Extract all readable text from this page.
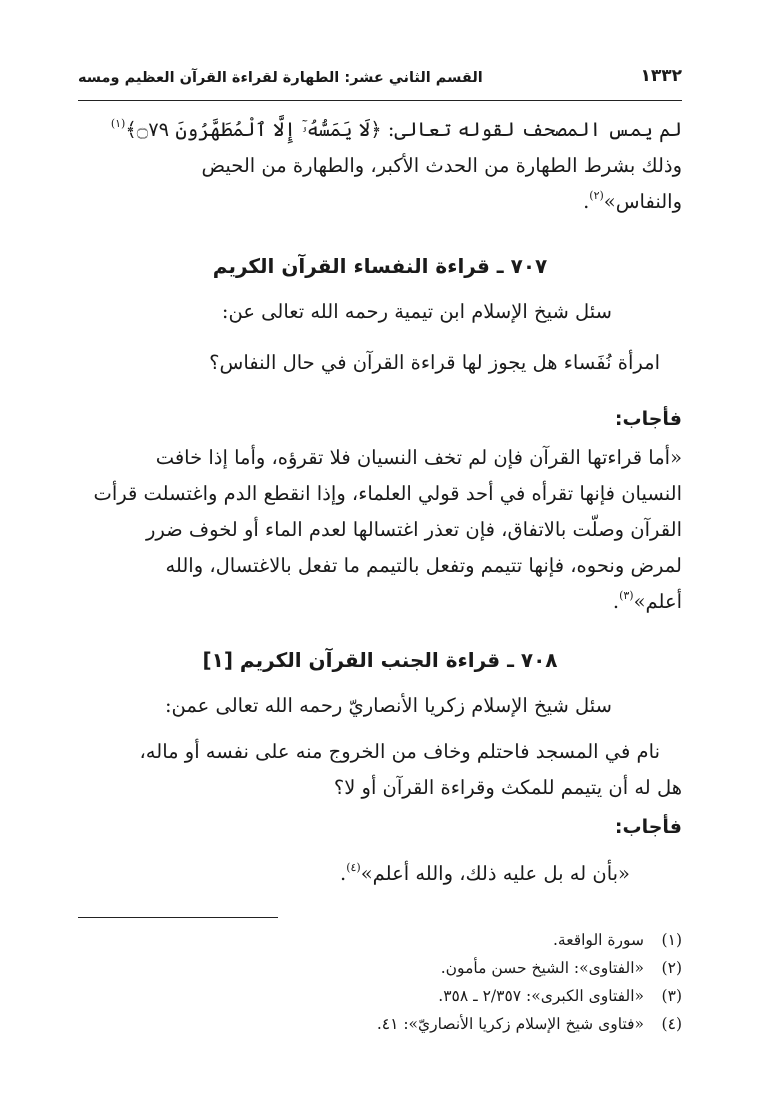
١٣٣٢
القسم الثاني عشر: الطهارة لقراءة القرآن العظيم ومسه
لم يمس المصحف لقوله تعالى: ﴿لَا يَمَسُّهُۥٓ إِلَّا ٱلْمُطَهَّرُونَ ۝٧٩﴾$^{(١)}$
وذلك بشرط الطهارة من الحدث الأكبر، والطهارة من الحيض
والنفاس»$^{(٢)}$.
٧٠٧ ـ قراءة النفساء القرآن الكريم
سئل شيخ الإسلام ابن تيمية رحمه الله تعالى عن:
امرأة نُفَساء هل يجوز لها قراءة القرآن في حال النفاس؟
فأجاب:
«أما قراءتها القرآن فإن لم تخف النسيان فلا تقرؤه، وأما إذا خافت
النسيان فإنها تقرأه في أحد قولي العلماء، وإذا انقطع الدم واغتسلت قرأت
القرآن وصلّت بالاتفاق، فإن تعذر اغتسالها لعدم الماء أو لخوف ضرر
لمرض ونحوه، فإنها تتيمم وتفعل بالتيمم ما تفعل بالاغتسال، والله
أعلم»$^{(٣)}$.
٧٠٨ ـ قراءة الجنب القرآن الكريم [١]
سئل شيخ الإسلام زكريا الأنصاريّ رحمه الله تعالى عمن:
نام في المسجد فاحتلم وخاف من الخروج منه على نفسه أو ماله،
هل له أن يتيمم للمكث وقراءة القرآن أو لا؟
فأجاب:
«بأن له بل عليه ذلك، والله أعلم»$^{(٤)}$.
(١)سورة الواقعة.
(٢)«الفتاوى»: الشيخ حسن مأمون.
(٣)«الفتاوى الكبرى»: ٢/٣٥٧ ـ ٣٥٨.
(٤)«فتاوى شيخ الإسلام زكريا الأنصاريّ»: ٤١.
